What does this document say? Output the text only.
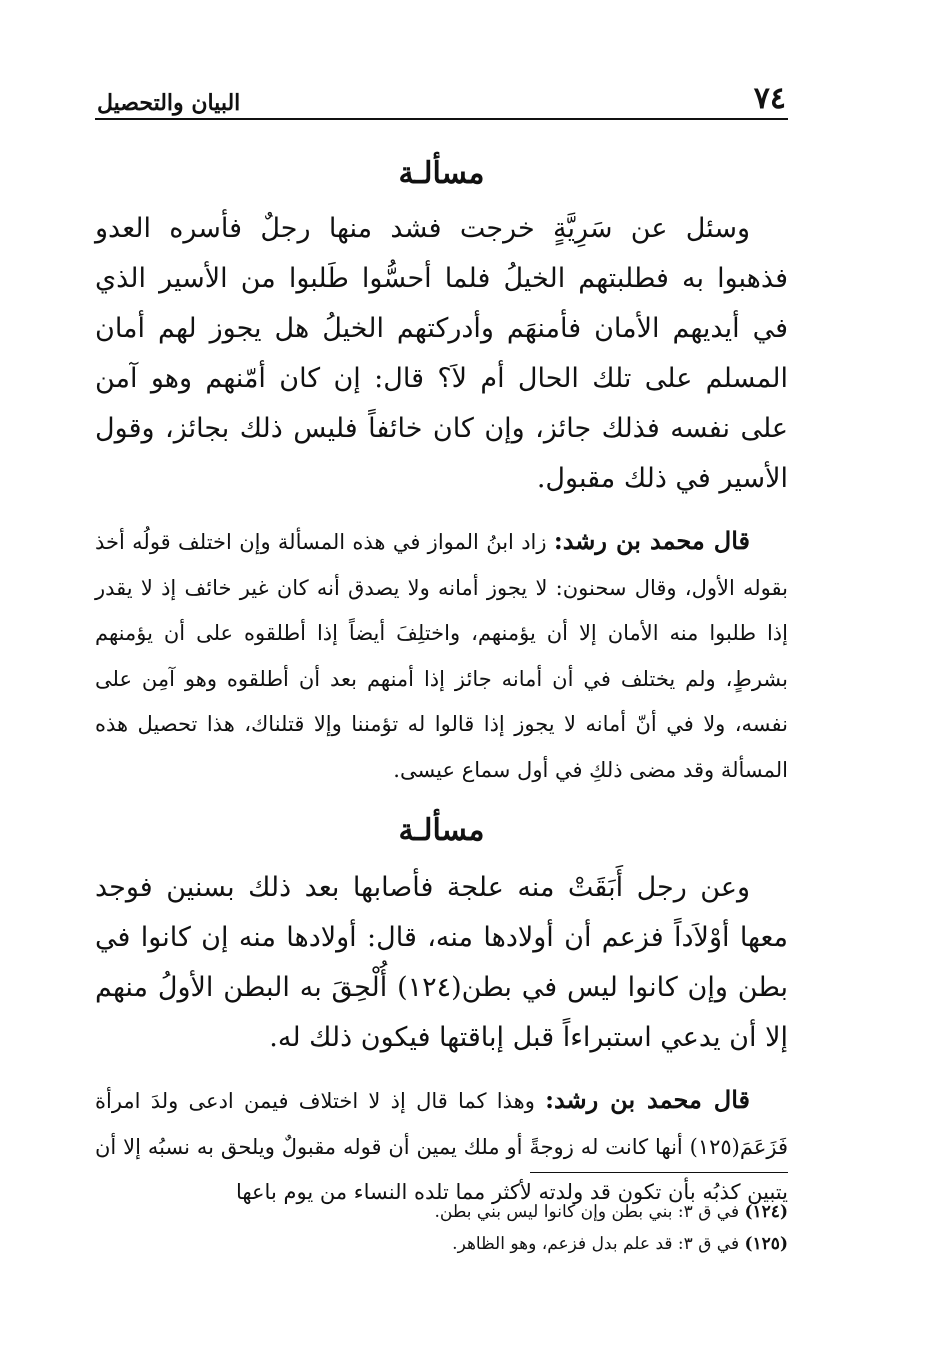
٧٤
البيان والتحصيل
مسألـة

وسئل عن سَرِيَّةٍ خرجت فشد منها رجلٌ فأسره العدو فذهبوا به فطلبتهم الخيلُ فلما أحسُّوا طَلبوا من الأسير الذي في أيديهم الأمان فأمنهَم وأدركتهم الخيلُ هل يجوز لهم أمان المسلم على تلك الحال أم لاَ؟ قال: إن كان أمّنهم وهو آمن على نفسه فذلك جائز، وإن كان خائفاً فليس ذلك بجائز، وقول الأسير في ذلك مقبول.

قال محمد بن رشد: زاد ابنُ المواز في هذه المسألة وإن اختلف قولُه أخذ بقوله الأول، وقال سحنون: لا يجوز أمانه ولا يصدق أنه كان غير خائف إذ لا يقدر إذا طلبوا منه الأمان إلا أن يؤمنهم، واختلِفَ أيضاً إذا أطلقوه على أن يؤمنهم بشرطٍ، ولم يختلف في أن أمانه جائز إذا أمنهم بعد أن أطلقوه وهو آمِن على نفسه، ولا في أنّ أمانه لا يجوز إذا قالوا له تؤمننا وإلا قتلناك، هذا تحصيل هذه المسألة وقد مضى ذلكِ في أول سماع عيسى.

مسألـة

وعن رجل أَبَقَتْ منه علجة فأصابها بعد ذلك بسنين فوجد معها أوْلاَداً فزعم أن أولادها منه، قال: أولادها منه إن كانوا في بطن وإن كانوا ليس في بطن(١٢٤) أُلْحِقَ به البطن الأولُ منهم إلا أن يدعي استبراءاً قبل إباقتها فيكون ذلك له.

قال محمد بن رشد: وهذا كما قال إذ لا اختلاف فيمن ادعى ولدَ امرأة فَزَعَمَ(١٢٥) أنها كانت له زوجةً أو ملك يمين أن قوله مقبولٌ ويلحق به نسبُه إلا أن يتبين كذبُه بأن تكون قد ولدته لأكثر مما تلده النساء من يوم باعها

(١٢٤) في ق ٣: بني بطن وإن كانوا ليس بني بطن.
(١٢٥) في ق ٣: قد علم بدل فزعم، وهو الظاهر.
